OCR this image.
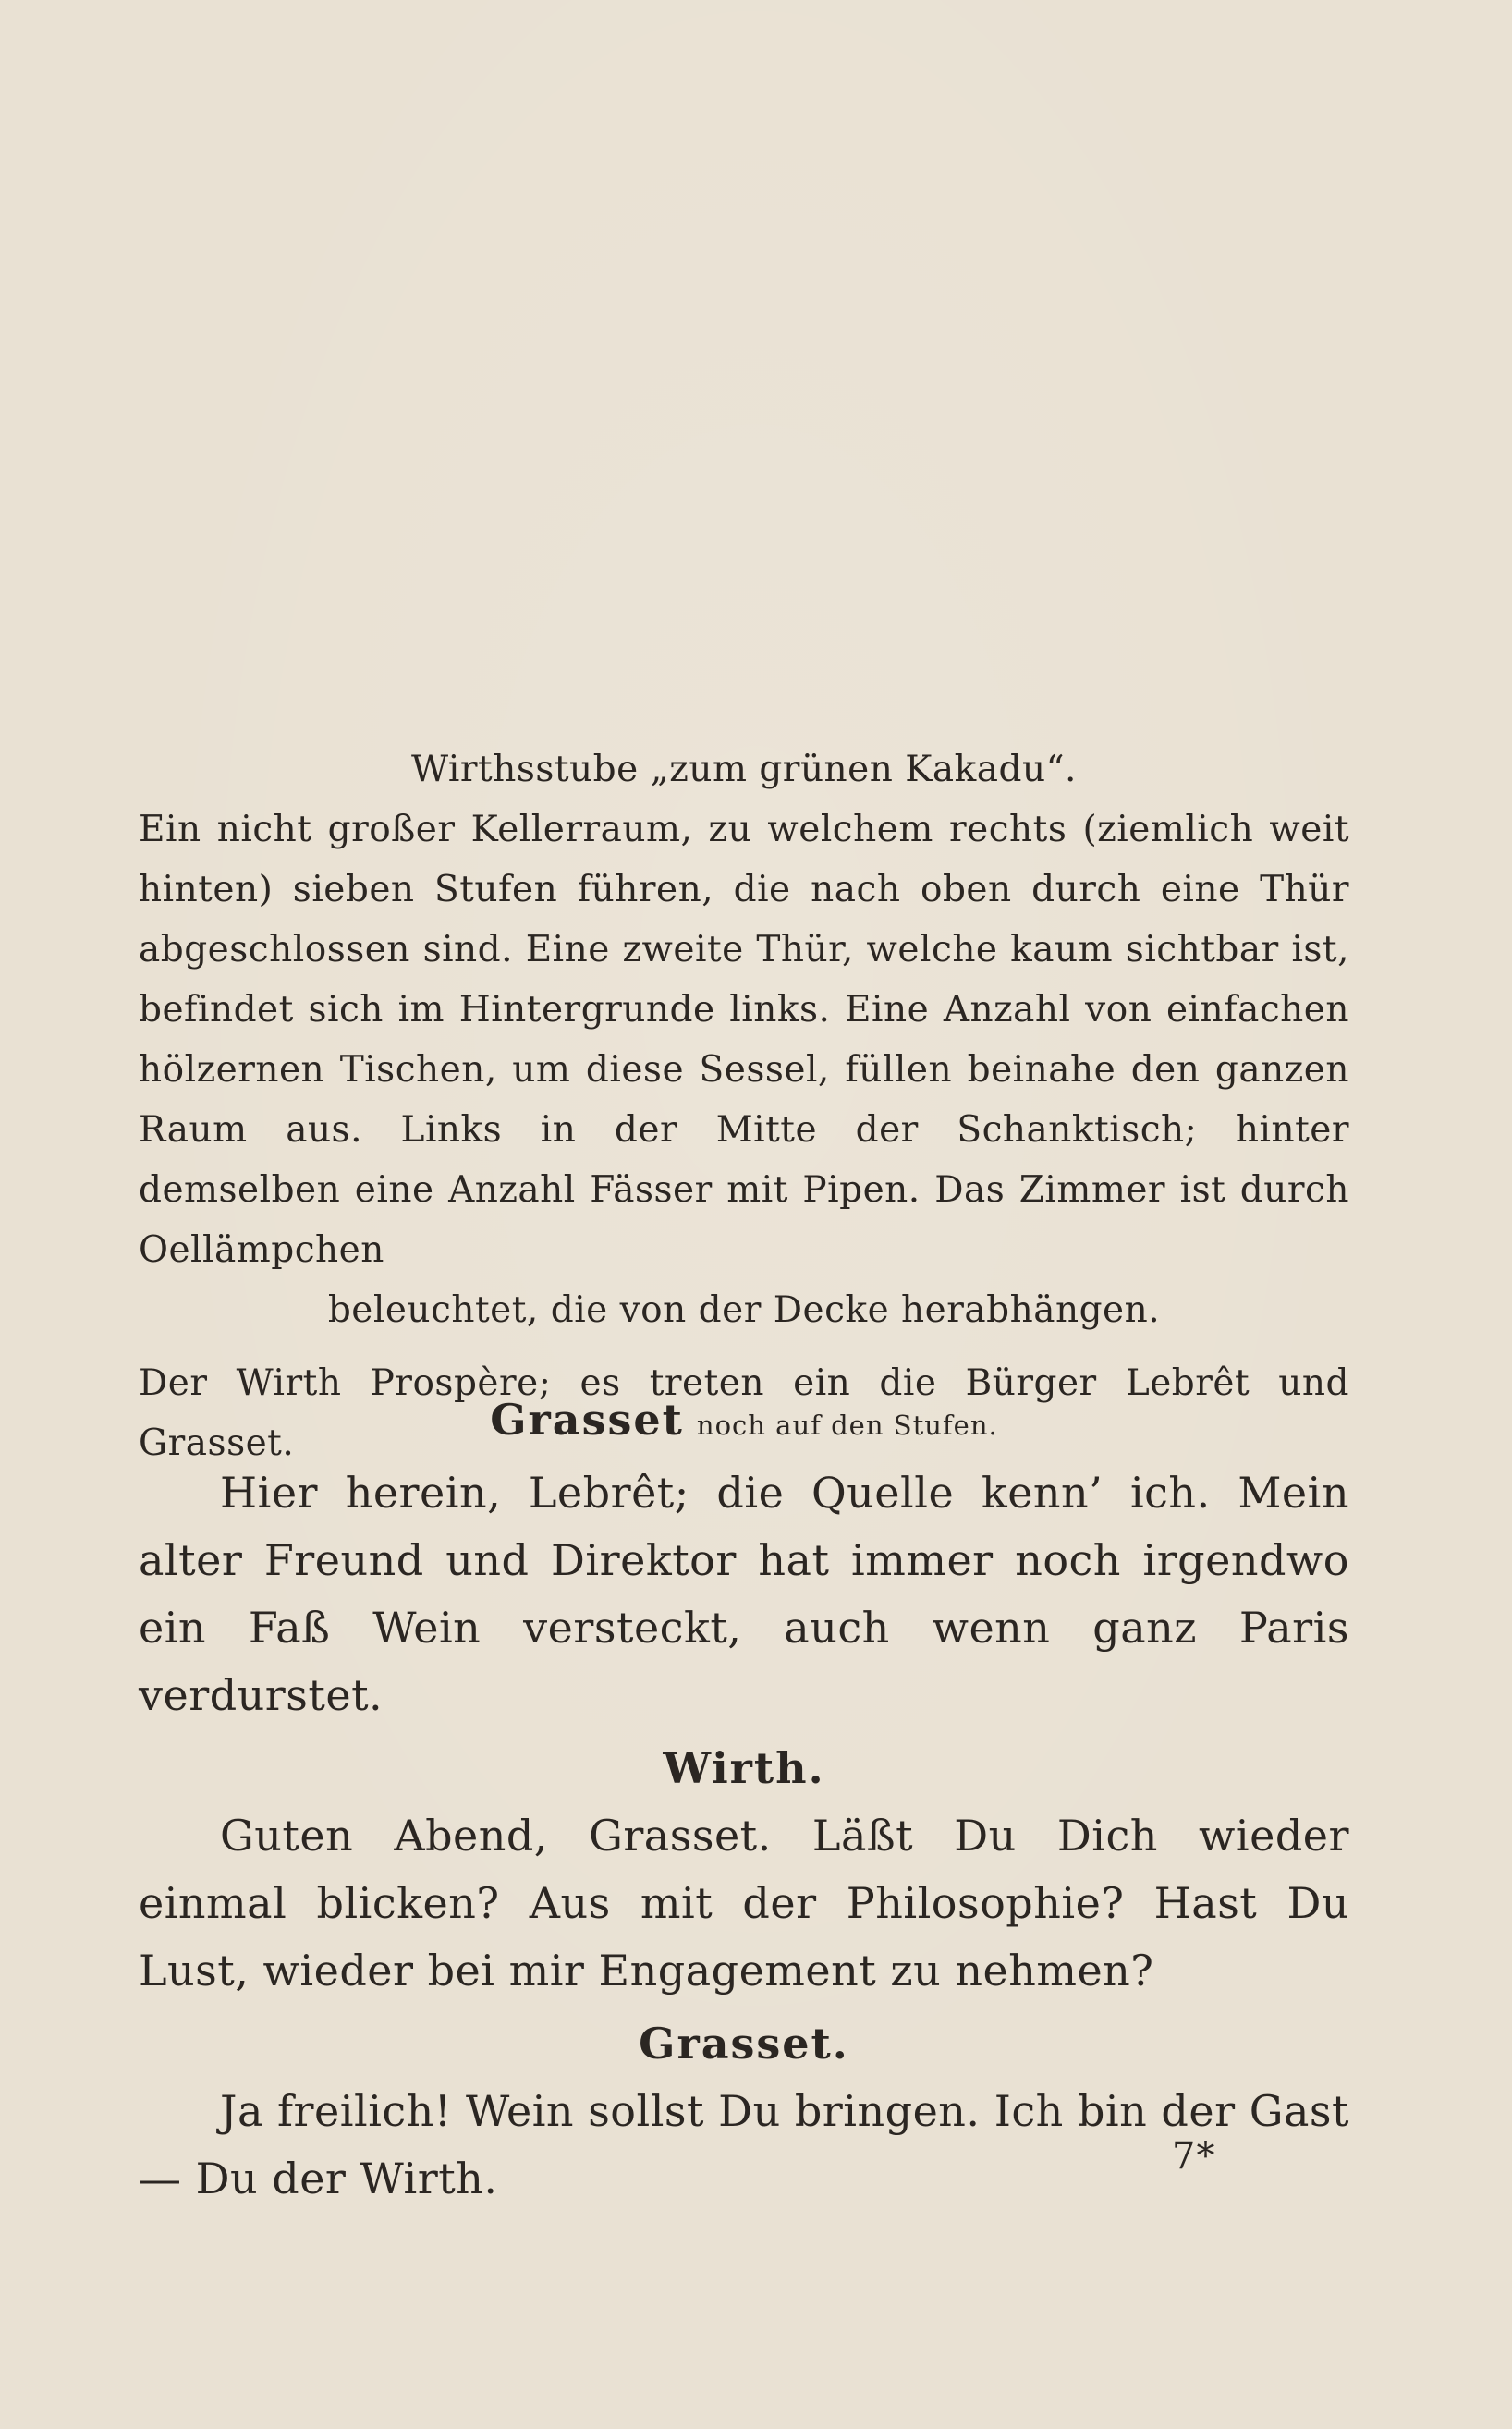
Wirthsstube „zum grünen Kakadu“.

Ein nicht großer Kellerraum, zu welchem rechts (ziemlich weit hinten) sieben Stufen führen, die nach oben durch eine Thür abgeschlossen sind. Eine zweite Thür, welche kaum sichtbar ist, befindet sich im Hintergrunde links. Eine Anzahl von einfachen hölzernen Tischen, um diese Sessel, füllen beinahe den ganzen Raum aus. Links in der Mitte der Schanktisch; hinter demselben eine Anzahl Fässer mit Pipen. Das Zimmer ist durch Oellämpchen

beleuchtet, die von der Decke herabhängen.

Der Wirth Prospère; es treten ein die Bürger Lebrêt und Grasset.	Grasset noch auf den Stufen.

Hier herein, Lebrêt; die Quelle kenn’ ich. Mein alter Freund und Direktor hat immer noch irgendwo ein Faß Wein versteckt, auch wenn ganz Paris verdurstet.

Wirth.

Guten Abend, Grasset. Läßt Du Dich wieder einmal blicken? Aus mit der Philosophie? Hast Du Lust, wieder bei mir Engagement zu nehmen?

Grasset.

Ja freilich! Wein sollst Du bringen. Ich bin der Gast — Du der Wirth.	7*
